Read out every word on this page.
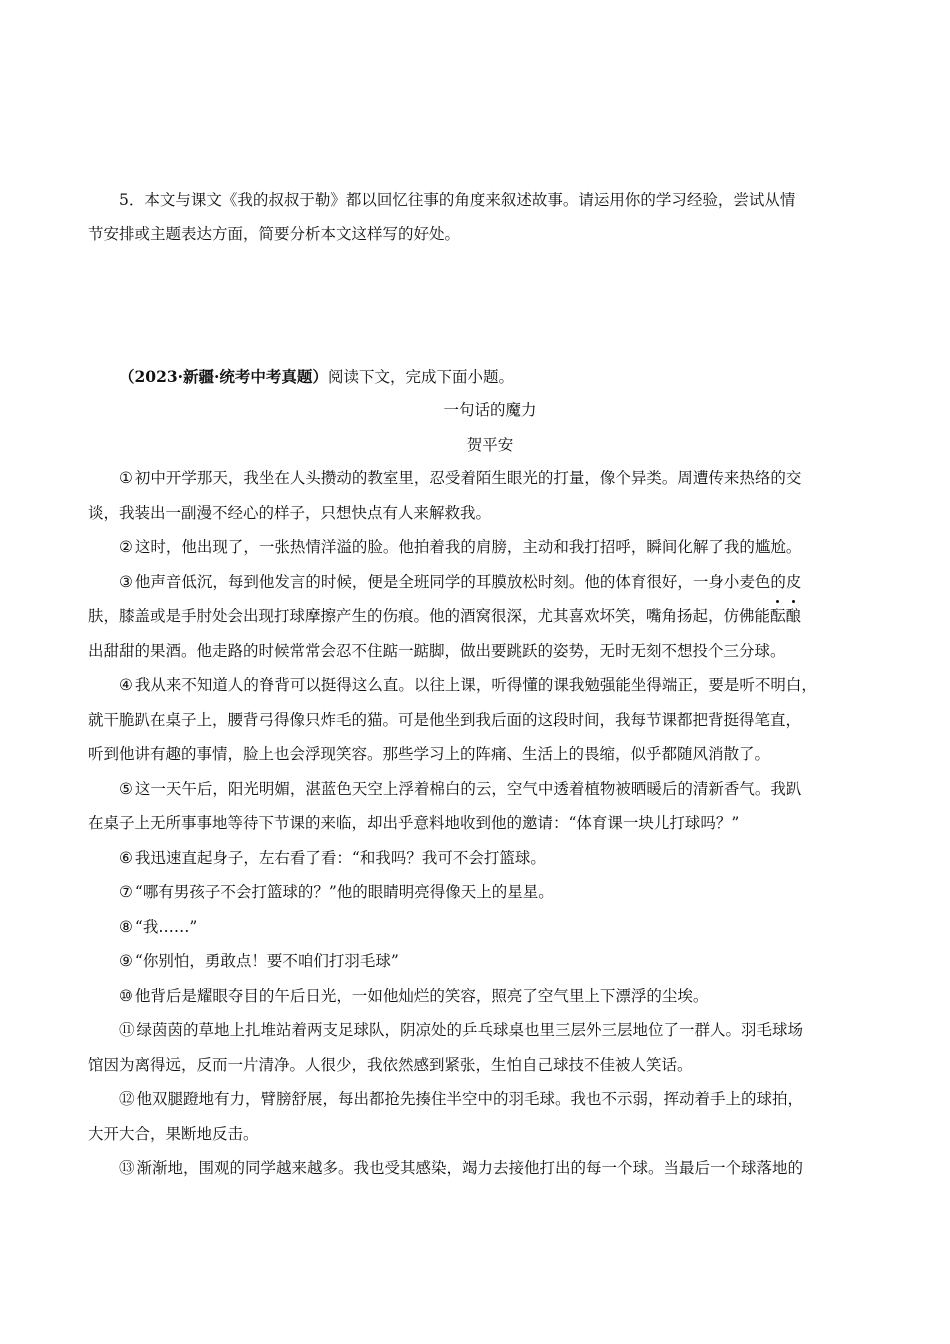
5．本文与课文《我的叔叔于勒》都以回忆往事的角度来叙述故事。请运用你的学习经验，尝试从情
节安排或主题表达方面，简要分析本文这样写的好处。
（2023·新疆·统考中考真题）阅读下文，完成下面小题。
一句话的魔力
贺平安

① 初中开学那天，我坐在人头攒动的教室里，忍受着陌生眼光的打量，像个异类。周遭传来热络的交
谈，我装出一副漫不经心的样子，只想快点有人来解救我。

② 这时，他出现了，一张热情洋溢的脸。他拍着我的肩膀，主动和我打招呼，瞬间化解了我的尴尬。

③ 他声音低沉，每到他发言的时候，便是全班同学的耳膜放松时刻。他的体育很好，一身小麦色的皮
肤，膝盖或是手肘处会出现打球摩擦产生的伤痕。他的酒窝很深，尤其喜欢坏笑，嘴角扬起，仿佛能酝酿
出甜甜的果酒。他走路的时候常常会忍不住踮一踮脚，做出要跳跃的姿势，无时无刻不想投个三分球。

④ 我从来不知道人的脊背可以挺得这么直。以往上课，听得懂的课我勉强能坐得端正，要是听不明白，
就干脆趴在桌子上，腰背弓得像只炸毛的猫。可是他坐到我后面的这段时间，我每节课都把背挺得笔直，
听到他讲有趣的事情，脸上也会浮现笑容。那些学习上的阵痛、生活上的畏缩，似乎都随风消散了。

⑤ 这一天午后，阳光明媚，湛蓝色天空上浮着棉白的云，空气中透着植物被晒暖后的清新香气。我趴
在桌子上无所事事地等待下节课的来临，却出乎意料地收到他的邀请：“体育课一块儿打球吗？”

⑥ 我迅速直起身子，左右看了看：“和我吗？我可不会打篮球。

⑦ “哪有男孩子不会打篮球的？”他的眼睛明亮得像天上的星星。

⑧ “我……”

⑨ “你别怕，勇敢点！要不咱们打羽毛球”

⑩ 他背后是耀眼夺目的午后日光，一如他灿烂的笑容，照亮了空气里上下漂浮的尘埃。

⑪ 绿茵茵的草地上扎堆站着两支足球队，阴凉处的乒乓球桌也里三层外三层地位了一群人。羽毛球场
馆因为离得远，反而一片清净。人很少，我依然感到紧张，生怕自己球技不佳被人笑话。

⑫ 他双腿蹬地有力，臂膀舒展，每出都抢先揍住半空中的羽毛球。我也不示弱，挥动着手上的球拍，
大开大合，果断地反击。

⑬ 渐渐地，围观的同学越来越多。我也受其感染，竭力去接他打出的每一个球。当最后一个球落地的
